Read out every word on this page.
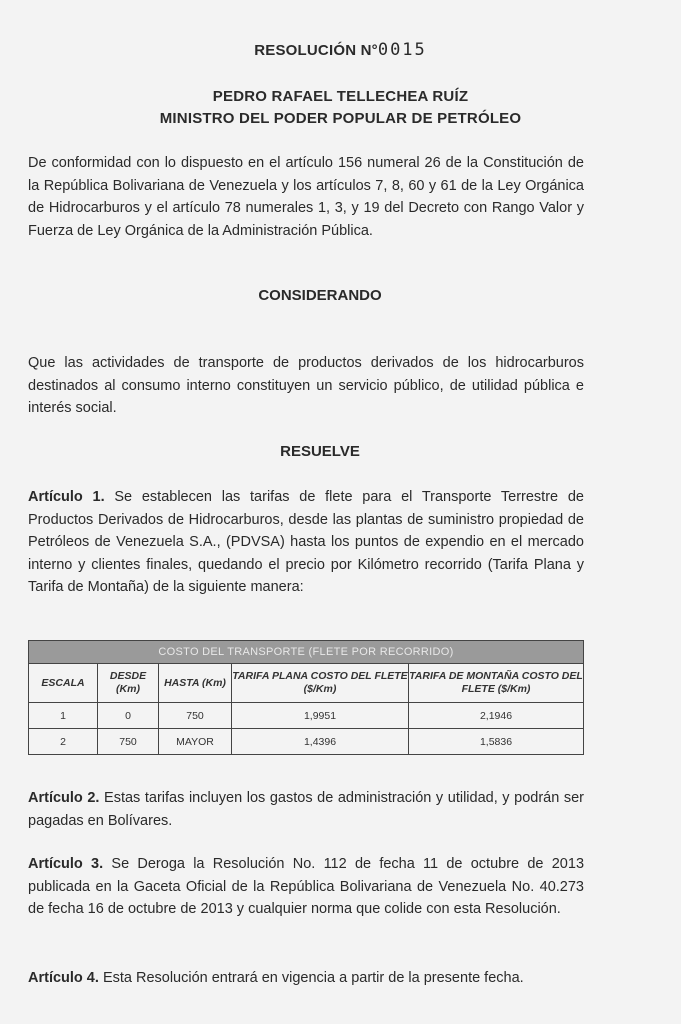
RESOLUCIÓN N°0015
PEDRO RAFAEL TELLECHEA RUÍZ
MINISTRO DEL PODER POPULAR DE PETRÓLEO
De conformidad con lo dispuesto en el artículo 156 numeral 26 de la Constitución de la República Bolivariana de Venezuela y los artículos 7, 8, 60 y 61 de la Ley Orgánica de Hidrocarburos y el artículo 78 numerales 1, 3, y 19 del Decreto con Rango Valor y Fuerza de Ley Orgánica de la Administración Pública.
CONSIDERANDO
Que las actividades de transporte de productos derivados de los hidrocarburos destinados al consumo interno constituyen un servicio público, de utilidad pública e interés social.
RESUELVE
Artículo 1. Se establecen las tarifas de flete para el Transporte Terrestre de Productos Derivados de Hidrocarburos, desde las plantas de suministro propiedad de Petróleos de Venezuela S.A., (PDVSA) hasta los puntos de expendio en el mercado interno y clientes finales, quedando el precio por Kilómetro recorrido (Tarifa Plana y Tarifa de Montaña) de la siguiente manera:
COSTO DEL TRANSPORTE (FLETE POR RECORRIDO)				
ESCALA	DESDE (Km)	HASTA (Km)	TARIFA PLANA COSTO DEL FLETE ($/Km)	TARIFA DE MONTAÑA COSTO DEL FLETE ($/Km)
1	0	750	1,9951	2,1946
2	750	MAYOR	1,4396	1,5836
Artículo 2. Estas tarifas incluyen los gastos de administración y utilidad, y podrán ser pagadas en Bolívares.
Artículo 3. Se Deroga la Resolución No. 112 de fecha 11 de octubre de 2013 publicada en la Gaceta Oficial de la República Bolivariana de Venezuela No. 40.273 de fecha 16 de octubre de 2013 y cualquier norma que colide con esta Resolución.
Artículo 4. Esta Resolución entrará en vigencia a partir de la presente fecha.
